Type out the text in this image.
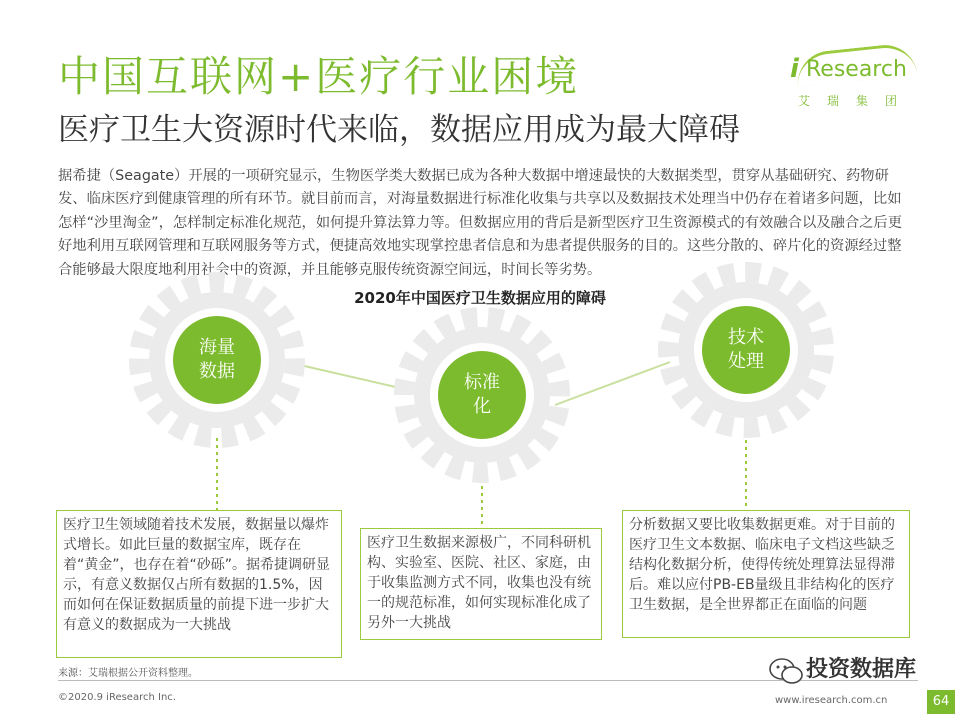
中国互联网+医疗行业困境
医疗卫生大资源时代来临，数据应用成为最大障碍
i Research
艾瑞集团

据希捷（Seagate）开展的一项研究显示，生物医学类大数据已成为各种大数据中增速最快的大数据类型，贯穿从基础研究、药物研发、临床医疗到健康管理的所有环节。就目前而言，对海量数据进行标准化收集与共享以及数据技术处理当中仍存在着诸多问题，比如怎样“沙里淘金”，怎样制定标准化规范，如何提升算法算力等。但数据应用的背后是新型医疗卫生资源模式的有效融合以及融合之后更好地利用互联网管理和互联网服务等方式，便捷高效地实现掌控患者信息和为患者提供服务的目的。这些分散的、碎片化的资源经过整合能够最大限度地利用社会中的资源，并且能够克服传统资源空间远，时间长等劣势。

2020年中国医疗卫生数据应用的障碍
海量
数据
标准
化
技术
处理

医疗卫生领域随着技术发展，数据量以爆炸式增长。如此巨量的数据宝库，既存在着“黄金”，也存在着“砂砾”。据希捷调研显示，有意义数据仅占所有数据的1.5%，因而如何在保证数据质量的前提下进一步扩大有意义的数据成为一大挑战

医疗卫生数据来源极广，不同科研机构、实验室、医院、社区、家庭，由于收集监测方式不同，收集也没有统一的规范标准，如何实现标准化成了另外一大挑战

分析数据又要比收集数据更难。对于目前的医疗卫生文本数据、临床电子文档这些缺乏结构化数据分析，使得传统处理算法显得滞后。难以应付PB-EB量级且非结构化的医疗卫生数据，是全世界都正在面临的问题

来源：艾瑞根据公开资料整理。
©2020.9 iResearch Inc.	www.iresearch.com.cn	64
投资数据库
